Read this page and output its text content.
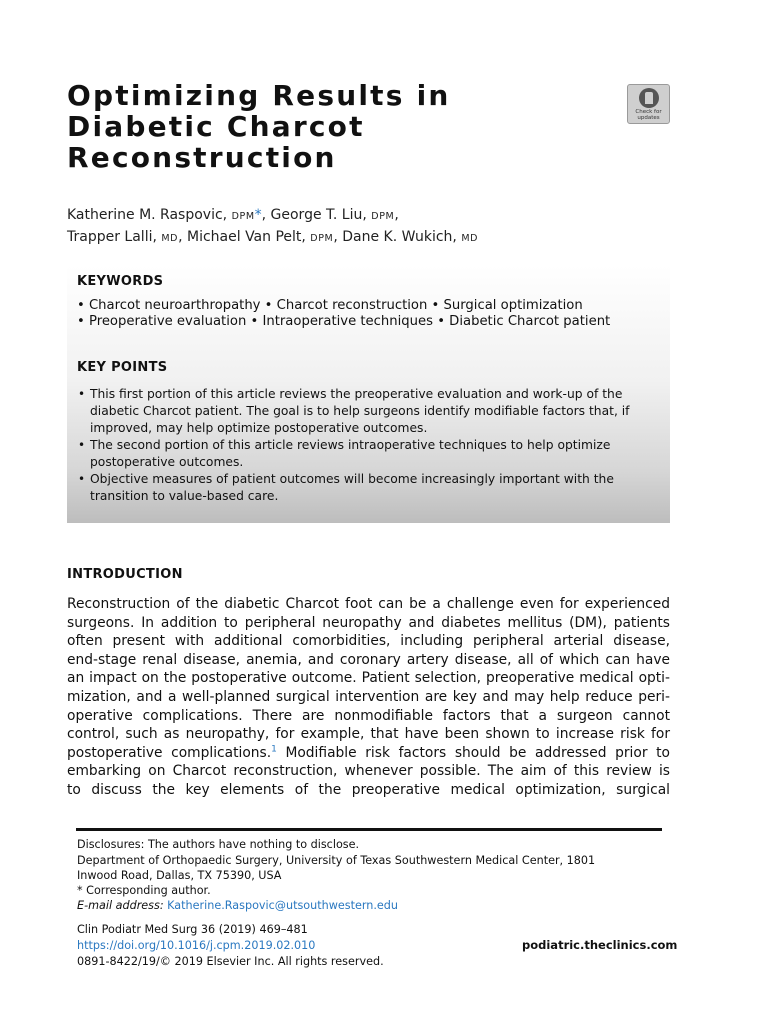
Optimizing Results in
Diabetic Charcot
Reconstruction
Check for updates
Katherine M. Raspovic, DPM*, George T. Liu, DPM,
Trapper Lalli, MD, Michael Van Pelt, DPM, Dane K. Wukich, MD
KEYWORDS
• Charcot neuroarthropathy • Charcot reconstruction • Surgical optimization
• Preoperative evaluation • Intraoperative techniques • Diabetic Charcot patient
KEY POINTS
• This first portion of this article reviews the preoperative evaluation and work-up of the diabetic Charcot patient. The goal is to help surgeons identify modifiable factors that, if improved, may help optimize postoperative outcomes.
• The second portion of this article reviews intraoperative techniques to help optimize postoperative outcomes.
• Objective measures of patient outcomes will become increasingly important with the transition to value-based care.
INTRODUCTION
Reconstruction of the diabetic Charcot foot can be a challenge even for experienced
surgeons. In addition to peripheral neuropathy and diabetes mellitus (DM), patients
often present with additional comorbidities, including peripheral arterial disease,
end-stage renal disease, anemia, and coronary artery disease, all of which can have
an impact on the postoperative outcome. Patient selection, preoperative medical opti-
mization, and a well-planned surgical intervention are key and may help reduce peri-
operative complications. There are nonmodifiable factors that a surgeon cannot
control, such as neuropathy, for example, that have been shown to increase risk for
postoperative complications.$^1$ Modifiable risk factors should be addressed prior to
embarking on Charcot reconstruction, whenever possible. The aim of this review is
to discuss the key elements of the preoperative medical optimization, surgical
Disclosures: The authors have nothing to disclose.
Department of Orthopaedic Surgery, University of Texas Southwestern Medical Center, 1801
Inwood Road, Dallas, TX 75390, USA
* Corresponding author.
E-mail address: Katherine.Raspovic@utsouthwestern.edu
Clin Podiatr Med Surg 36 (2019) 469–481
https://doi.org/10.1016/j.cpm.2019.02.010	podiatric.theclinics.com
0891-8422/19/© 2019 Elsevier Inc. All rights reserved.
